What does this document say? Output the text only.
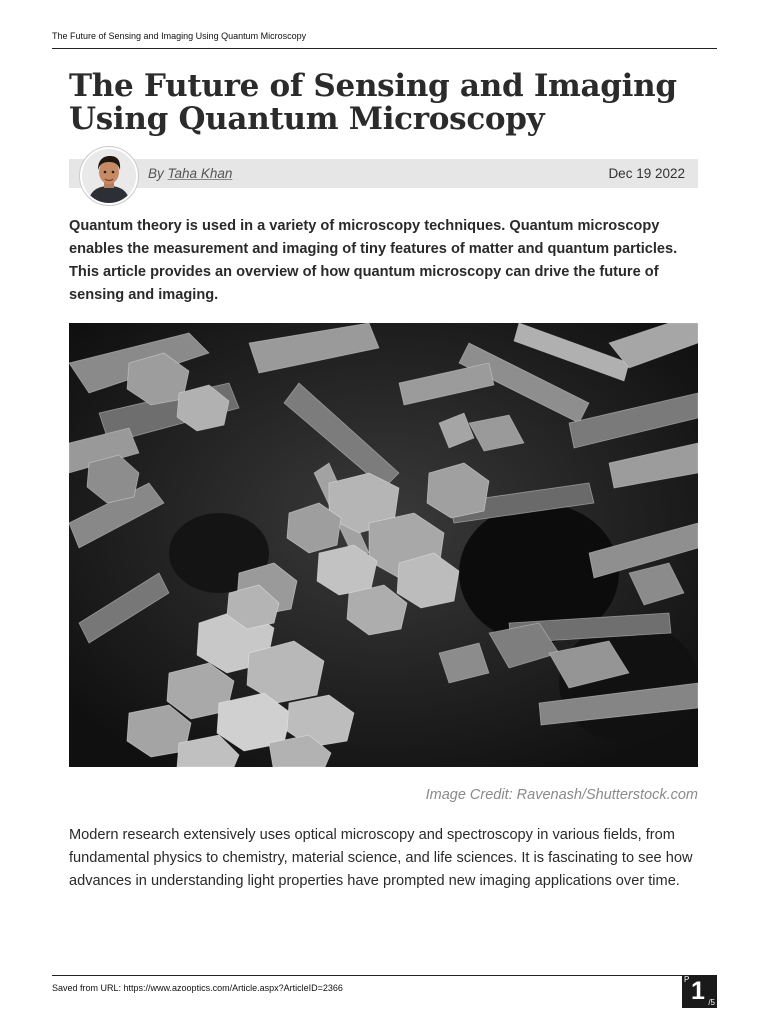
The Future of Sensing and Imaging Using Quantum Microscopy
The Future of Sensing and Imaging Using Quantum Microscopy
By Taha Khan	Dec 19 2022

Quantum theory is used in a variety of microscopy techniques. Quantum microscopy enables the measurement and imaging of tiny features of matter and quantum particles. This article provides an overview of how quantum microscopy can drive the future of sensing and imaging.

Image Credit: Ravenash/Shutterstock.com

Modern research extensively uses optical microscopy and spectroscopy in various fields, from fundamental physics to chemistry, material science, and life sciences. It is fascinating to see how advances in understanding light properties have prompted new imaging applications over time.

Saved from URL: https://www.azooptics.com/Article.aspx?ArticleID=2366
P 1 /5
